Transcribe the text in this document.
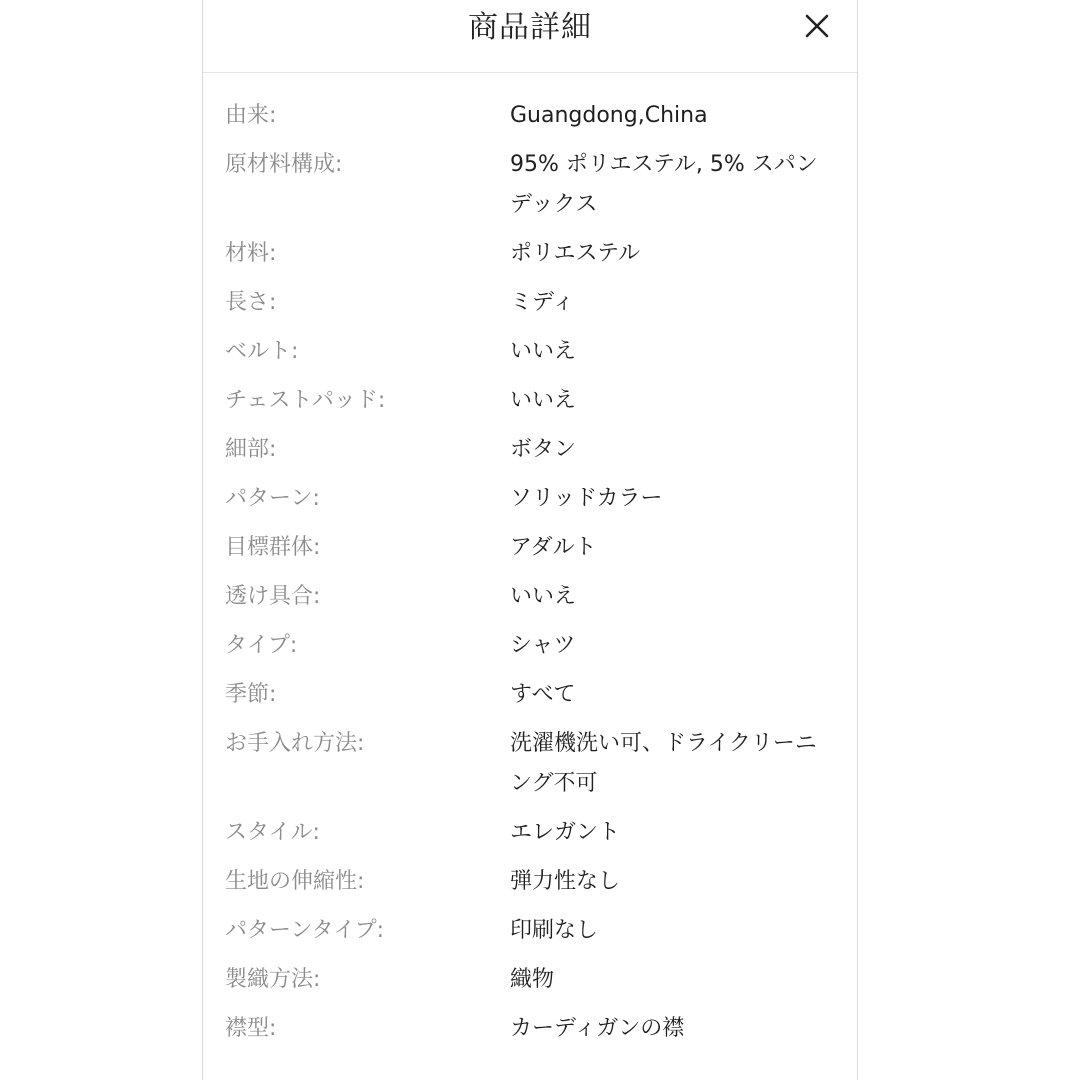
商品詳細
由来:	Guangdong,China
原材料構成:	95% ポリエステル, 5% スパンデックス
材料:	ポリエステル
長さ:	ミディ
ベルト:	いいえ
チェストパッド:	いいえ
細部:	ボタン
パターン:	ソリッドカラー
目標群体:	アダルト
透け具合:	いいえ
タイプ:	シャツ
季節:	すべて
お手入れ方法:	洗濯機洗い可、ドライクリーニング不可
スタイル:	エレガント
生地の伸縮性:	弾力性なし
パターンタイプ:	印刷なし
製織方法:	織物
襟型:	カーディガンの襟
